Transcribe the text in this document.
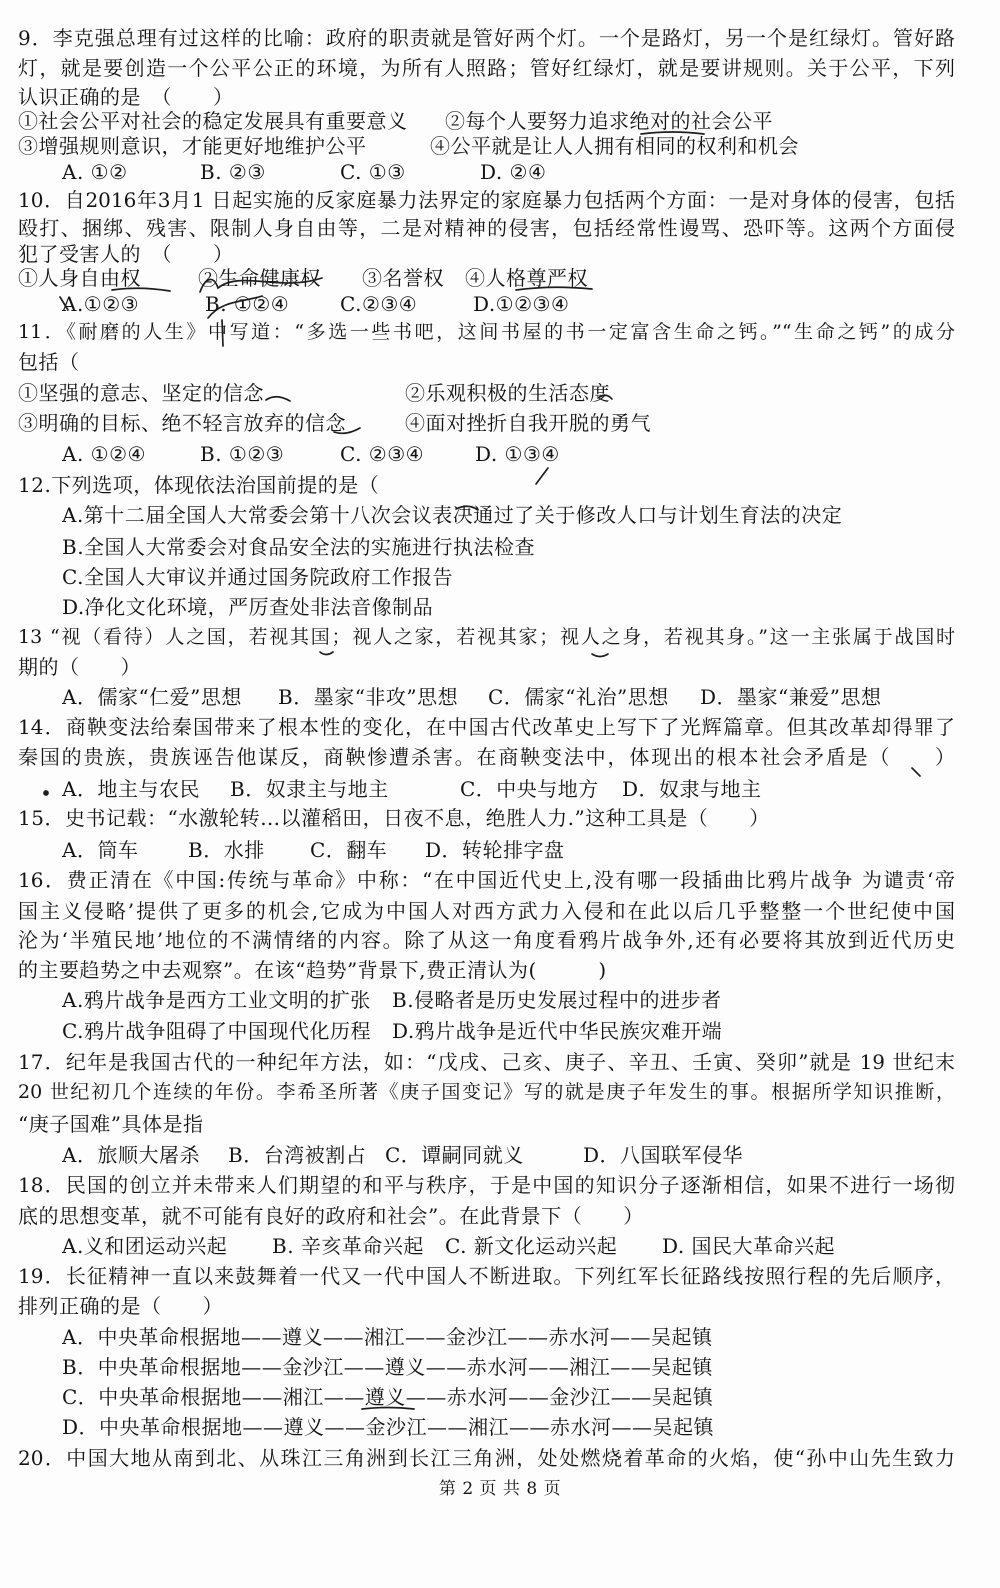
9．李克强总理有过这样的比喻：政府的职责就是管好两个灯。一个是路灯，另一个是红绿灯。管好路
灯，就是要创造一个公平公正的环境，为所有人照路；管好红绿灯，就是要讲规则。关于公平，下列
认识正确的是　（　　）
①社会公平对社会的稳定发展具有重要意义 ②每个人要努力追求绝对的社会公平
③增强规则意识，才能更好地维护公平	④公平就是让人人拥有相同的权利和机会
A. ①②	B. ②③	C. ①③	D. ②④
10．自2016年3月1 日起实施的反家庭暴力法界定的家庭暴力包括两个方面：一是对身体的侵害，包括
殴打、捆绑、残害、限制人身自由等，二是对精神的侵害，包括经常性谩骂、恐吓等。这两个方面侵
犯了受害人的　（　　）
①人身自由权	②生命健康权 ③名誉权 ④人格尊严权
A.①②③	B. ①②④	C.②③④	D.①②③④
11．《耐磨的人生》中写道：“多选一些书吧，这间书屋的书一定富含生命之钙。”“生命之钙”的成分
包括（
①坚强的意志、坚定的信念	②乐观积极的生活态度
③明确的目标、绝不轻言放弃的信念	④面对挫折自我开脱的勇气
A. ①②④	B. ①②③	C. ②③④	D. ①③④
12.下列选项，体现依法治国前提的是（
A.第十二届全国人大常委会第十八次会议表决通过了关于修改人口与计划生育法的决定
B.全国人大常委会对食品安全法的实施进行执法检查
C.全国人大审议并通过国务院政府工作报告
D.净化文化环境，严厉查处非法音像制品
13 “视（看待）人之国，若视其国；视人之家，若视其家；视人之身，若视其身。”这一主张属于战国时
期的（　　）
A．儒家“仁爱”思想 B．墨家“非攻”思想 C．儒家“礼治”思想 D．墨家“兼爱”思想
14．商鞅变法给秦国带来了根本性的变化，在中国古代改革史上写下了光辉篇章。但其改革却得罪了
秦国的贵族，贵族诬告他谋反，商鞅惨遭杀害。在商鞅变法中，体现出的根本社会矛盾是（　　）
A．地主与农民 B．奴隶主与地主	C．中央与地方 D．奴隶与地主
15．史书记载：“水激轮转…以灌稻田，日夜不息，绝胜人力.”这种工具是（　　）
A．筒车 B．水排 C．翻车 D．转轮排字盘
16．费正清在《中国:传统与革命》中称：“在中国近代史上,没有哪一段插曲比鸦片战争 为谴责‘帝
国主义侵略’提供了更多的机会,它成为中国人对西方武力入侵和在此以后几乎整整一个世纪使中国
沦为‘半殖民地’地位的不满情绪的内容。除了从这一角度看鸦片战争外,还有必要将其放到近代历史
的主要趋势之中去观察”。在该“趋势”背景下,费正清认为(　　　)
A.鸦片战争是西方工业文明的扩张 B.侵略者是历史发展过程中的进步者
C.鸦片战争阻碍了中国现代化历程 D.鸦片战争是近代中华民族灾难开端
17．纪年是我国古代的一种纪年方法，如：“戊戌、己亥、庚子、辛丑、壬寅、癸卯”就是 19 世纪末
20 世纪初几个连续的年份。李希圣所著《庚子国变记》写的就是庚子年发生的事。根据所学知识推断，
“庚子国难”具体是指
A．旅顺大屠杀 B．台湾被割占 C．谭嗣同就义	D．八国联军侵华
18．民国的创立并未带来人们期望的和平与秩序，于是中国的知识分子逐渐相信，如果不进行一场彻
底的思想变革，就不可能有良好的政府和社会”。在此背景下（　　）
A.义和团运动兴起 B. 辛亥革命兴起 C. 新文化运动兴起 D. 国民大革命兴起
19．长征精神一直以来鼓舞着一代又一代中国人不断进取。下列红军长征路线按照行程的先后顺序，
排列正确的是（　　）
A．中央革命根据地——遵义——湘江——金沙江——赤水河——吴起镇
B．中央革命根据地——金沙江——遵义——赤水河——湘江——吴起镇
C．中央革命根据地——湘江——遵义——赤水河——金沙江——吴起镇
D．中央革命根据地——遵义——金沙江——湘江——赤水河——吴起镇
20．中国大地从南到北、从珠江三角洲到长江三角洲，处处燃烧着革命的火焰，使“孙中山先生致力
第 2 页 共 8 页
